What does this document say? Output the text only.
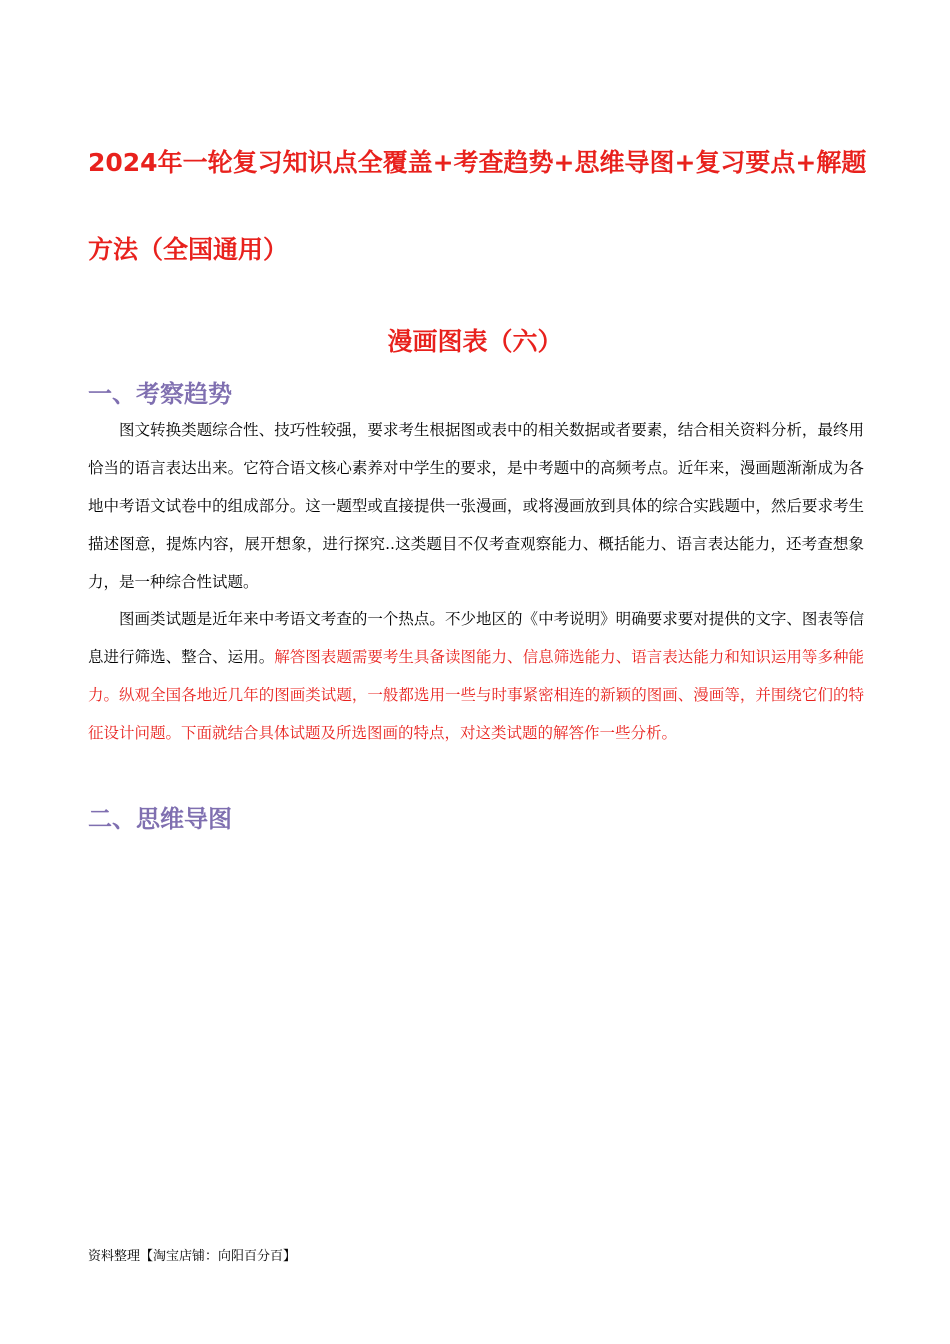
2024年一轮复习知识点全覆盖+考查趋势+思维导图+复习要点+解题
方法（全国通用）
漫画图表（六）
一、考察趋势

图文转换类题综合性、技巧性较强，要求考生根据图或表中的相关数据或者要素，结合相关资料分析，最终用恰当的语言表达出来。它符合语文核心素养对中学生的要求，是中考题中的高频考点。近年来，漫画题渐渐成为各地中考语文试卷中的组成部分。这一题型或直接提供一张漫画，或将漫画放到具体的综合实践题中，然后要求考生描述图意，提炼内容，展开想象，进行探究..这类题目不仅考查观察能力、概括能力、语言表达能力，还考查想象力，是一种综合性试题。

图画类试题是近年来中考语文考查的一个热点。不少地区的《中考说明》明确要求要对提供的文字、图表等信息进行筛选、整合、运用。解答图表题需要考生具备读图能力、信息筛选能力、语言表达能力和知识运用等多种能力。纵观全国各地近几年的图画类试题，一般都选用一些与时事紧密相连的新颖的图画、漫画等，并围绕它们的特征设计问题。下面就结合具体试题及所选图画的特点，对这类试题的解答作一些分析。

二、思维导图

资料整理【淘宝店铺：向阳百分百】
